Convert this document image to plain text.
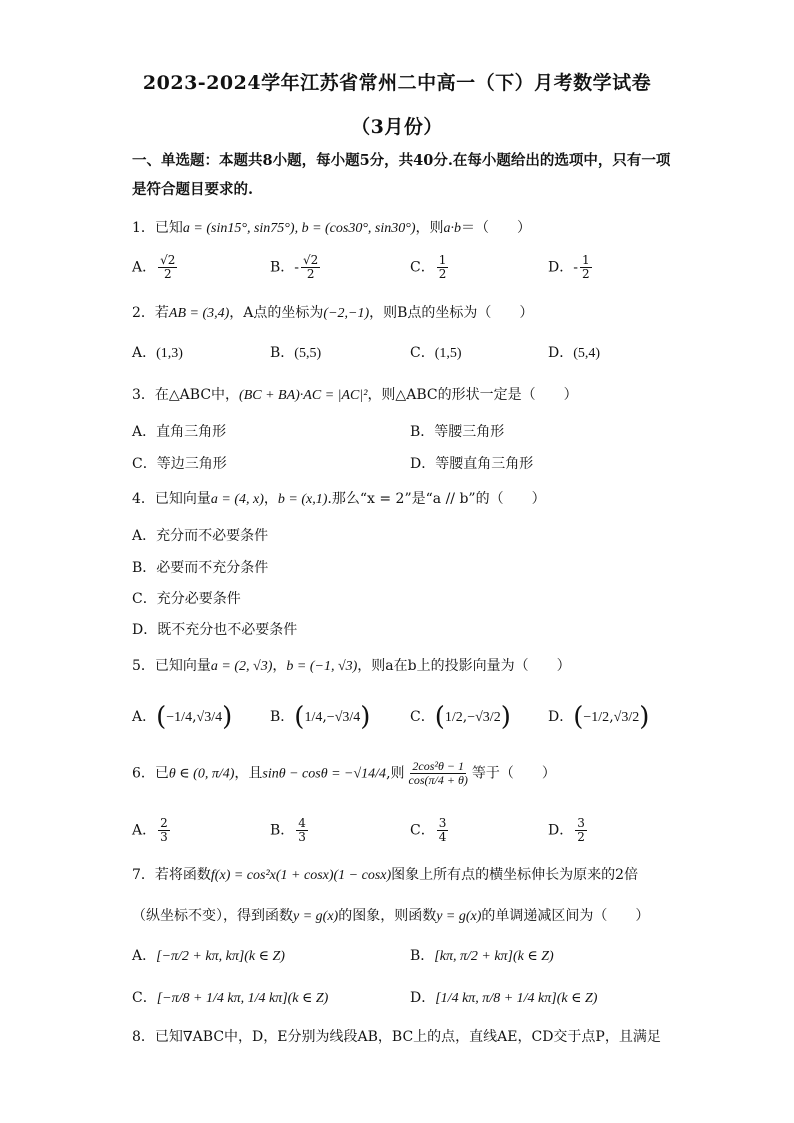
2023-2024学年江苏省常州二中高一（下）月考数学试卷
（3月份）
一、单选题：本题共8小题，每小题5分，共40分.在每小题给出的选项中，只有一项是符合题目要求的.
1．已知a = (sin15°, sin75°), b = (cos30°, sin30°)，则a·b＝（　　）
A． $\frac{√2}{2}$	B．- $\frac{√2}{2}$	C． $\frac{1}{2}$	D．- $\frac{1}{2}$
2．若AB = (3,4)，A点的坐标为(−2,−1)，则B点的坐标为（　　）
A．(1,3)	B．(5,5)	C．(1,5)	D．(5,4)
3．在△ABC中，(BC + BA)·AC = |AC|²，则△ABC的形状一定是（　　）
A．直角三角形	B．等腰三角形
C．等边三角形	D．等腰直角三角形
4．已知向量a = (4, x)，b = (x,1).那么“x = 2”是“a // b”的（　　）
A．充分而不必要条件
B．必要而不充分条件
C．充分必要条件
D．既不充分也不必要条件
5．已知向量a = (2, √3)，b = (−1, √3)，则a在b上的投影向量为（　　）
A．(−1/4,√3/4)	B．(1/4,−√3/4)	C．(1/2,−√3/2)	D．(−1/2,√3/2)
6．已θ ∈ (0, π/4)，且sinθ − cosθ = −√14/4,则 $\frac{\text{2cos²θ − 1}}{\cos(\pi/4 + \theta)}$ 等于（　　）
A． $\frac{2}{3}$	B． $\frac{4}{3}$	C． $\frac{3}{4}$	D． $\frac{3}{2}$
7．若将函数f(x) = cos²x(1 + cosx)(1 − cosx)图象上所有点的横坐标伸长为原来的2倍
（纵坐标不变），得到函数y = g(x)的图象，则函数y = g(x)的单调递减区间为（　　）
A．[−π/2 + kπ, kπ](k ∈ Z)	B．[kπ, π/2 + kπ](k ∈ Z)
C．[−π/8 + 1/4 kπ, 1/4 kπ](k ∈ Z)	D．[1/4 kπ, π/8 + 1/4 kπ](k ∈ Z)
8．已知∇ABC中，D，E分别为线段AB，BC上的点，直线AE，CD交于点P，且满足
